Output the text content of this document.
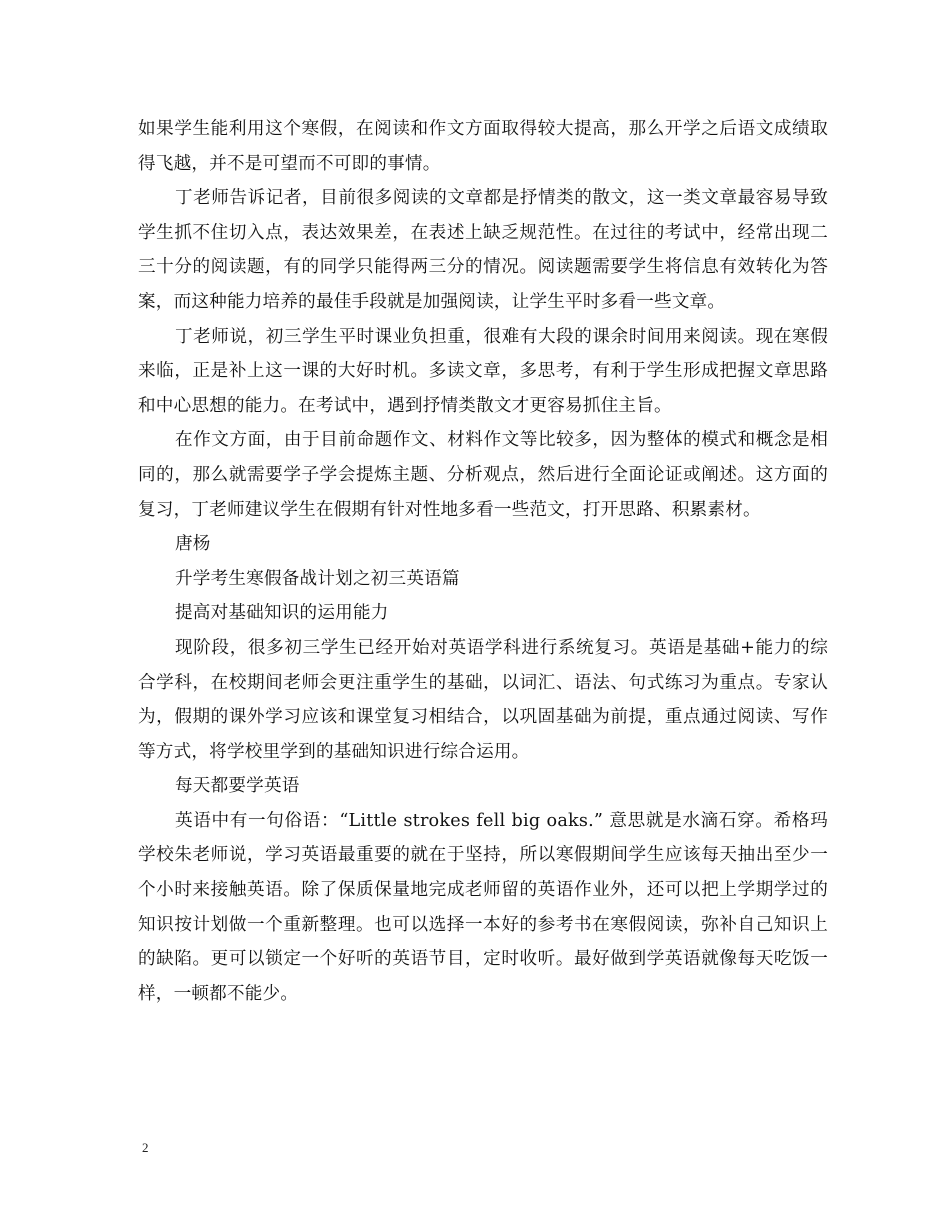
如果学生能利用这个寒假，在阅读和作文方面取得较大提高，那么开学之后语文成绩取得飞越，并不是可望而不可即的事情。

丁老师告诉记者，目前很多阅读的文章都是抒情类的散文，这一类文章最容易导致学生抓不住切入点，表达效果差，在表述上缺乏规范性。在过往的考试中，经常出现二三十分的阅读题，有的同学只能得两三分的情况。阅读题需要学生将信息有效转化为答案，而这种能力培养的最佳手段就是加强阅读，让学生平时多看一些文章。

丁老师说，初三学生平时课业负担重，很难有大段的课余时间用来阅读。现在寒假来临，正是补上这一课的大好时机。多读文章，多思考，有利于学生形成把握文章思路和中心思想的能力。在考试中，遇到抒情类散文才更容易抓住主旨。

在作文方面，由于目前命题作文、材料作文等比较多，因为整体的模式和概念是相同的，那么就需要学子学会提炼主题、分析观点，然后进行全面论证或阐述。这方面的复习，丁老师建议学生在假期有针对性地多看一些范文，打开思路、积累素材。

唐杨

升学考生寒假备战计划之初三英语篇

提高对基础知识的运用能力

现阶段，很多初三学生已经开始对英语学科进行系统复习。英语是基础+能力的综合学科，在校期间老师会更注重学生的基础，以词汇、语法、句式练习为重点。专家认为，假期的课外学习应该和课堂复习相结合，以巩固基础为前提，重点通过阅读、写作等方式，将学校里学到的基础知识进行综合运用。

每天都要学英语

英语中有一句俗语：“Little strokes fell big oaks.” 意思就是水滴石穿。希格玛学校朱老师说，学习英语最重要的就在于坚持，所以寒假期间学生应该每天抽出至少一个小时来接触英语。除了保质保量地完成老师留的英语作业外，还可以把上学期学过的知识按计划做一个重新整理。也可以选择一本好的参考书在寒假阅读，弥补自己知识上的缺陷。更可以锁定一个好听的英语节目，定时收听。最好做到学英语就像每天吃饭一样，一顿都不能少。

2
